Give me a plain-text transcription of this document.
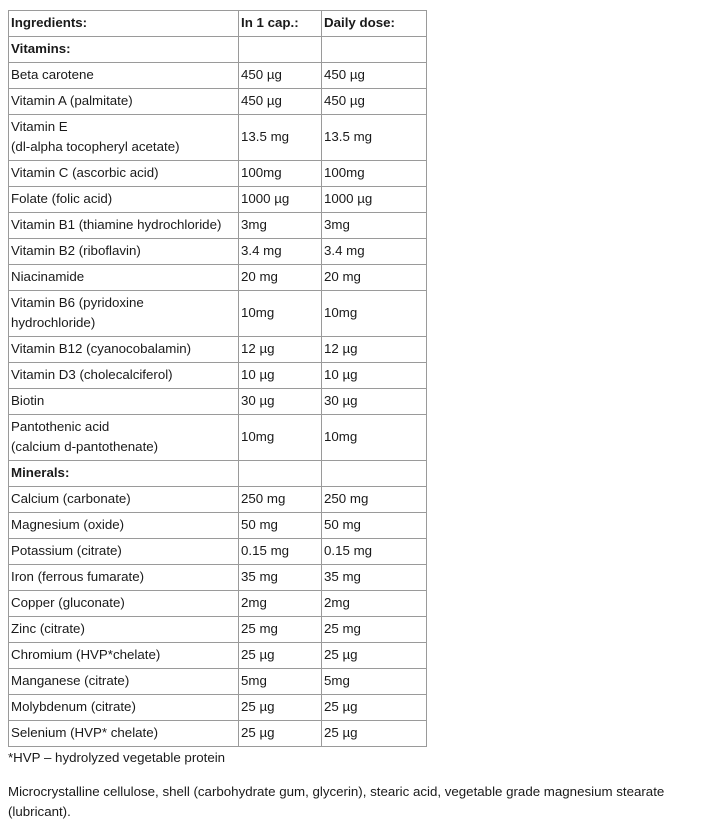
Ingredients:	In 1 cap.:	Daily dose:
Vitamins:		

Beta carotene	450 µg	450 µg

Vitamin A (palmitate)	450 µg	450 µg

Vitamin E
(dl-alpha tocopheryl acetate)	13.5 mg	13.5 mg

Vitamin C (ascorbic acid)	100mg	100mg

Folate (folic acid)	1000 µg	1000 µg

Vitamin B1 (thiamine hydrochloride)	3mg	3mg

Vitamin B2 (riboflavin)	3.4 mg	3.4 mg

Niacinamide	20 mg	20 mg

Vitamin B6 (pyridoxine
hydrochloride)	10mg	10mg

Vitamin B12 (cyanocobalamin)	12 µg	12 µg

Vitamin D3 (cholecalciferol)	10 µg	10 µg

Biotin	30 µg	30 µg

Pantothenic acid
(calcium d-pantothenate)	10mg	10mg
Minerals:		

Calcium (carbonate)	250 mg	250 mg

Magnesium (oxide)	50 mg	50 mg

Potassium (citrate)	0.15 mg	0.15 mg

Iron (ferrous fumarate)	35 mg	35 mg

Copper (gluconate)	2mg	2mg

Zinc (citrate)	25 mg	25 mg

Chromium (HVP*chelate)	25 µg	25 µg

Manganese (citrate)	5mg	5mg

Molybdenum (citrate)	25 µg	25 µg

Selenium (HVP* chelate)	25 µg	25 µg
*HVP – hydrolyzed vegetable protein
Microcrystalline cellulose, shell (carbohydrate gum, glycerin), stearic acid, vegetable grade magnesium stearate
(lubricant).
